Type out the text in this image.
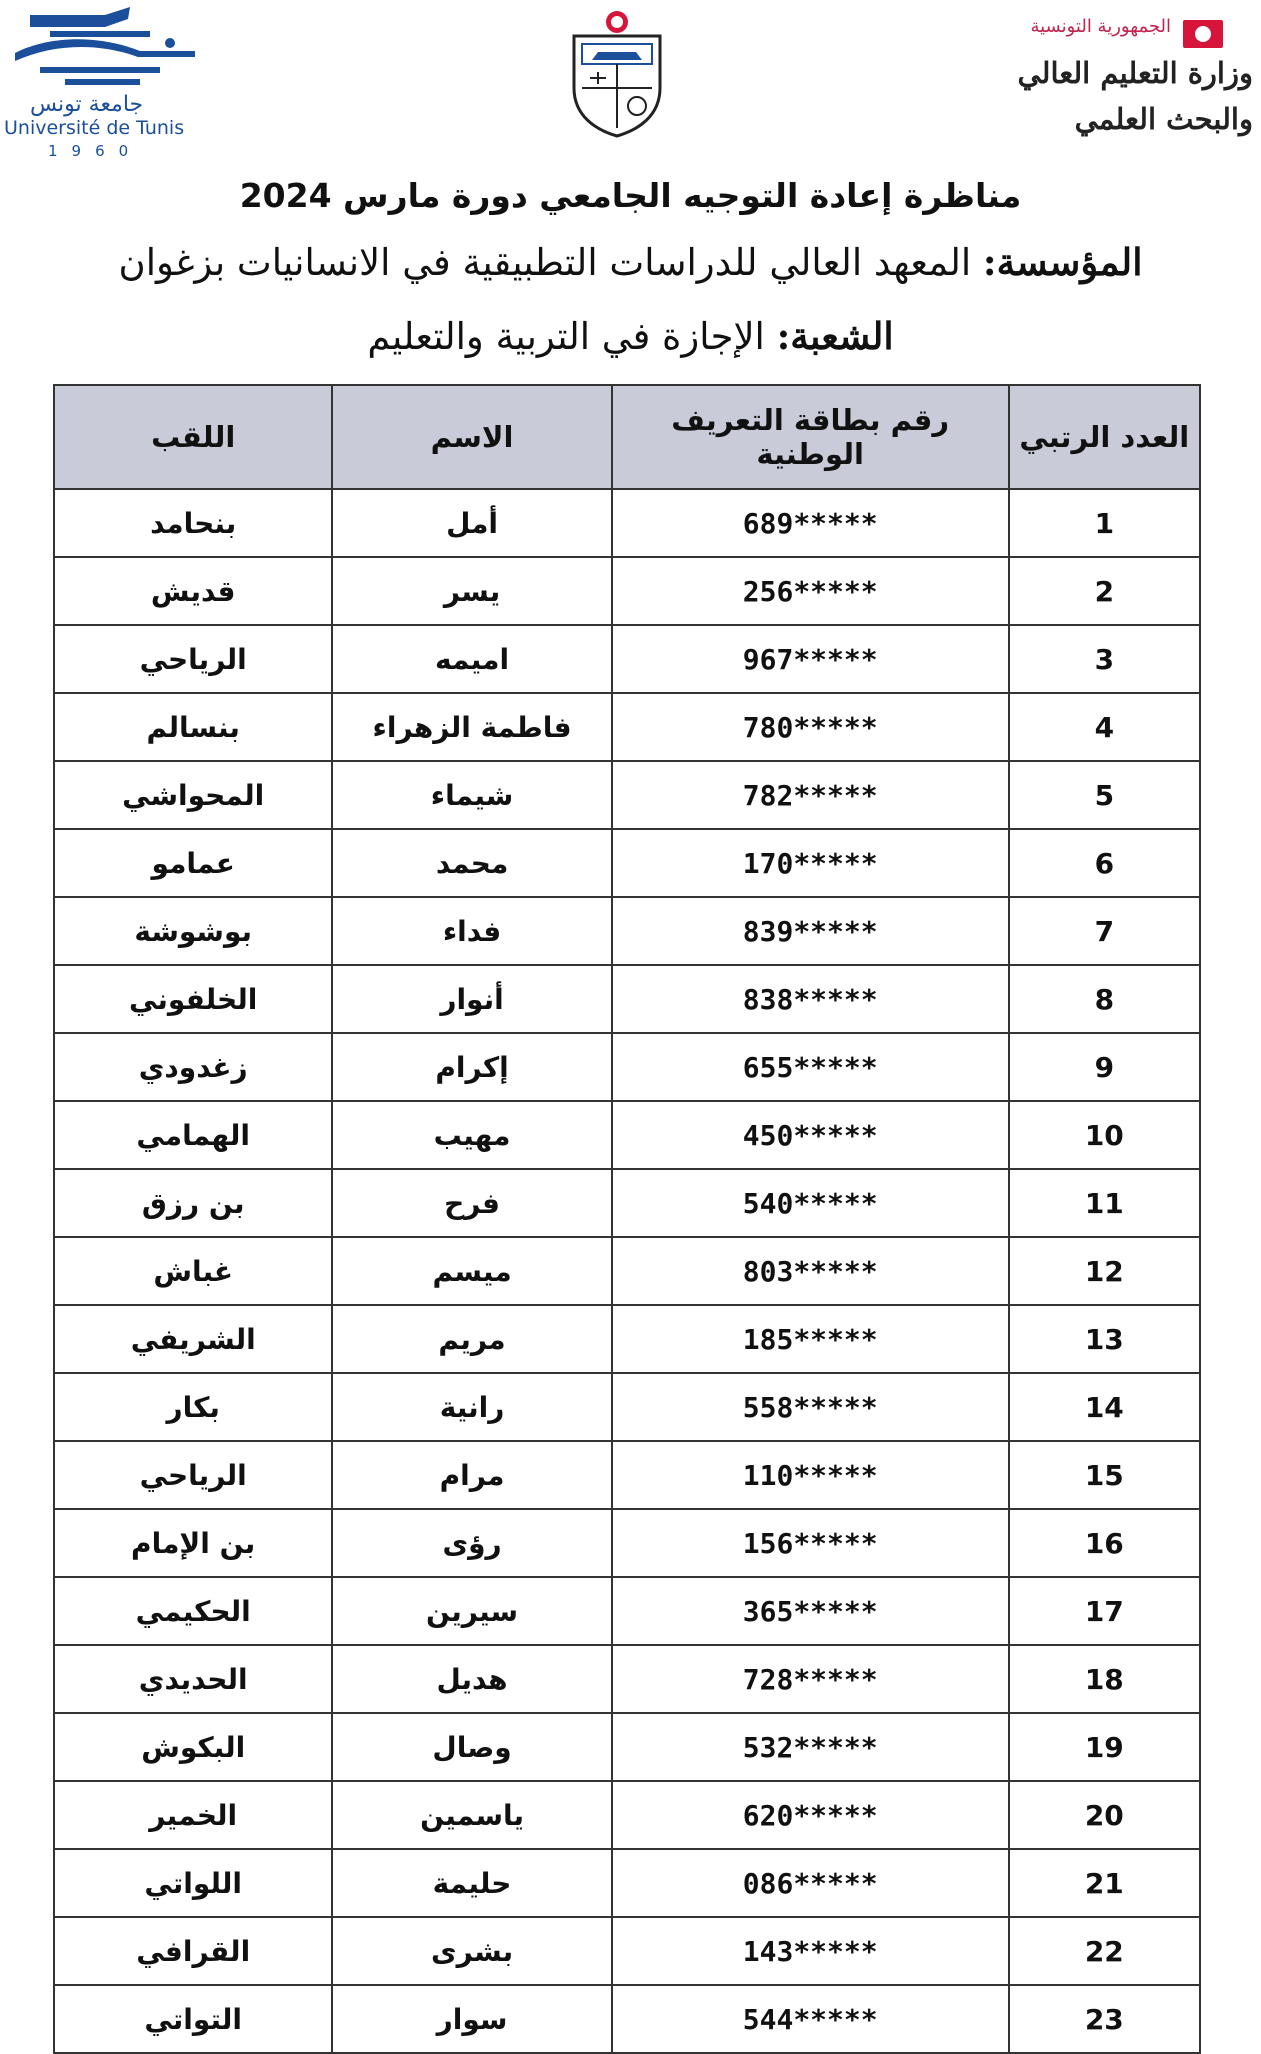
جامعة تونس
Université de Tunis
1960
الجمهورية التونسية
وزارة التعليم العالي
والبحث العلمي
مناظرة إعادة التوجيه الجامعي دورة مارس 2024
المؤسسة: المعهد العالي للدراسات التطبيقية في الانسانيات بزغوان
الشعبة: الإجازة في التربية والتعليم
العدد الرتبي	رقم بطاقة التعريف الوطنية	الاسم	اللقب
1	*****689	أمل	بنحامد
2	*****256	يسر	قديش
3	*****967	اميمه	الرياحي
4	*****780	فاطمة الزهراء	بنسالم
5	*****782	شيماء	المحواشي
6	*****170	محمد	عمامو
7	*****839	فداء	بوشوشة
8	*****838	أنوار	الخلفوني
9	*****655	إكرام	زغدودي
10	*****450	مهيب	الهمامي
11	*****540	فرح	بن رزق
12	*****803	ميسم	غباش
13	*****185	مريم	الشريفي
14	*****558	رانية	بكار
15	*****110	مرام	الرياحي
16	*****156	رؤى	بن الإمام
17	*****365	سيرين	الحكيمي
18	*****728	هديل	الحديدي
19	*****532	وصال	البكوش
20	*****620	ياسمين	الخمير
21	*****086	حليمة	اللواتي
22	*****143	بشرى	القرافي
23	*****544	سوار	التواتي
